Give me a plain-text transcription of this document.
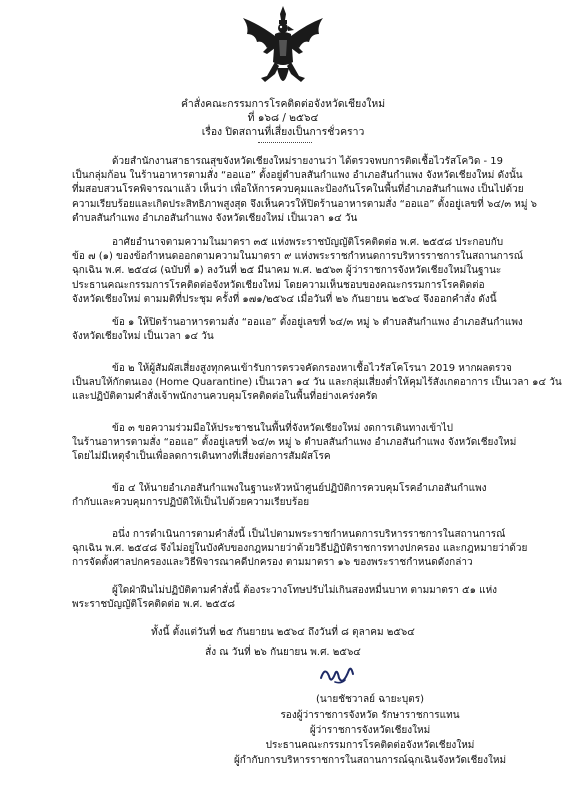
คำสั่งคณะกรรมการโรคติดต่อจังหวัดเชียงใหม่
ที่ ๑๖๘ / ๒๕๖๔
เรื่อง ปิดสถานที่เสี่ยงเป็นการชั่วคราว
ด้วยสำนักงานสาธารณสุขจังหวัดเชียงใหม่รายงานว่า ได้ตรวจพบการติดเชื้อไวรัสโควิด - 19
เป็นกลุ่มก้อน ในร้านอาหารตามสั่ง “ออแอ” ตั้งอยู่ตำบลสันกำแพง อำเภอสันกำแพง จังหวัดเชียงใหม่ ดังนั้น
ที่มสอบสวนโรคพิจารณาแล้ว เห็นว่า เพื่อให้การควบคุมและป้องกันโรคในพื้นที่อำเภอสันกำแพง เป็นไปด้วย
ความเรียบร้อยและเกิดประสิทธิภาพสูงสุด จึงเห็นควรให้ปิดร้านอาหารตามสั่ง “ออแอ” ตั้งอยู่เลขที่ ๖๔/๓ หมู่ ๖
ตำบลสันกำแพง อำเภอสันกำแพง จังหวัดเชียงใหม่ เป็นเวลา ๑๔ วัน
อาศัยอำนาจตามความในมาตรา ๓๕ แห่งพระราชบัญญัติโรคติดต่อ พ.ศ. ๒๕๕๘ ประกอบกับ
ข้อ ๗ (๑) ของข้อกำหนดออกตามความในมาตรา ๙ แห่งพระราชกำหนดการบริหารราชการในสถานการณ์
ฉุกเฉิน พ.ศ. ๒๕๔๘ (ฉบับที่ ๑) ลงวันที่ ๒๕ มีนาคม พ.ศ. ๒๕๖๓ ผู้ว่าราชการจังหวัดเชียงใหม่ในฐานะ
ประธานคณะกรรมการโรคติดต่อจังหวัดเชียงใหม่ โดยความเห็นชอบของคณะกรรมการโรคติดต่อ
จังหวัดเชียงใหม่ ตามมติที่ประชุม ครั้งที่ ๑๗๑/๒๕๖๔ เมื่อวันที่ ๒๖ กันยายน ๒๕๖๔ จึงออกคำสั่ง ดังนี้
ข้อ ๑ ให้ปิดร้านอาหารตามสั่ง “ออแอ” ตั้งอยู่เลขที่ ๖๔/๓ หมู่ ๖ ตำบลสันกำแพง อำเภอสันกำแพง
จังหวัดเชียงใหม่ เป็นเวลา ๑๔ วัน
ข้อ ๒ ให้ผู้สัมผัสเสี่ยงสูงทุกคนเข้ารับการตรวจคัดกรองหาเชื้อไวรัสโคโรนา 2019 หากผลตรวจ
เป็นลบให้กักตนเอง (Home Quarantine) เป็นเวลา ๑๔ วัน และกลุ่มเสี่ยงต่ำให้คุมไร้สังเกตอาการ เป็นเวลา ๑๔ วัน
และปฏิบัติตามคำสั่งเจ้าพนักงานควบคุมโรคติดต่อในพื้นที่อย่างเคร่งครัด
ข้อ ๓ ขอความร่วมมือให้ประชาชนในพื้นที่จังหวัดเชียงใหม่ งดการเดินทางเข้าไป
ในร้านอาหารตามสั่ง “ออแอ” ตั้งอยู่เลขที่ ๖๔/๓ หมู่ ๖ ตำบลสันกำแพง อำเภอสันกำแพง จังหวัดเชียงใหม่
โดยไม่มีเหตุจำเป็นเพื่อลดการเดินทางที่เสี่ยงต่อการสัมผัสโรค
ข้อ ๔ ให้นายอำเภอสันกำแพงในฐานะหัวหน้าศูนย์ปฏิบัติการควบคุมโรคอำเภอสันกำแพง
กำกับและควบคุมการปฏิบัติให้เป็นไปด้วยความเรียบร้อย
อนึ่ง การดำเนินการตามคำสั่งนี้ เป็นไปตามพระราชกำหนดการบริหารราชการในสถานการณ์
ฉุกเฉิน พ.ศ. ๒๕๔๘ จึงไม่อยู่ในบังคับของกฎหมายว่าด้วยวิธีปฏิบัติราชการทางปกครอง และกฎหมายว่าด้วย
การจัดตั้งศาลปกครองและวิธีพิจารณาคดีปกครอง ตามมาตรา ๑๖ ของพระราชกำหนดดังกล่าว
ผู้ใดฝ่าฝืนไม่ปฏิบัติตามคำสั่งนี้ ต้องระวางโทษปรับไม่เกินสองหมื่นบาท ตามมาตรา ๕๑ แห่ง
พระราชบัญญัติโรคติดต่อ พ.ศ. ๒๕๕๘
ทั้งนี้ ตั้งแต่วันที่ ๒๕ กันยายน ๒๕๖๔ ถึงวันที่ ๘ ตุลาคม ๒๕๖๔
สั่ง ณ วันที่ ๒๖ กันยายน พ.ศ. ๒๕๖๔
(นายชัชวาลย์ ฉายะบุตร)
รองผู้ว่าราชการจังหวัด รักษาราชการแทน
ผู้ว่าราชการจังหวัดเชียงใหม่
ประธานคณะกรรมการโรคติดต่อจังหวัดเชียงใหม่
ผู้กำกับการบริหารราชการในสถานการณ์ฉุกเฉินจังหวัดเชียงใหม่
